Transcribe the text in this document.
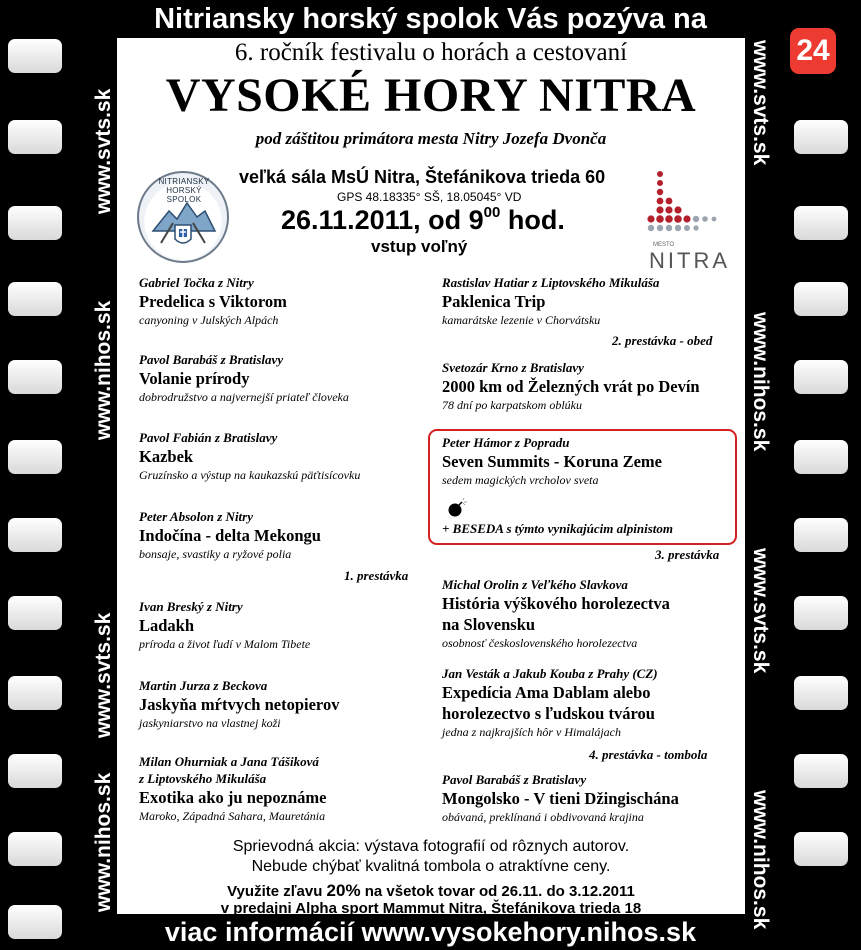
www.svts.sk
www.nihos.sk
www.svts.sk
www.nihos.sk
www.svts.sk
www.nihos.sk
www.svts.sk
www.nihos.sk
Nitriansky horský spolok Vás pozýva na
24
6. ročník festivalu o horách a cestovaní
VYSOKÉ HORY NITRA
pod záštitou primátora mesta Nitry Jozefa Dvonča
NITRIANSKY HORSKÝ SPOLOK
veľká sála MsÚ Nitra, Štefánikova trieda 60
GPS 48.18335° SŠ, 18.05045° VD
26.11.2011, od $9^{00}$ hod.
vstup voľný	MESTO
NITRA
Gabriel Točka z Nitry
Predelica s Viktorom
canyoning v Julských Alpách
Pavol Barabáš z Bratislavy
Volanie prírody
dobrodružstvo a najvernejší priateľ človeka
Pavol Fabián z Bratislavy
Kazbek
Gruzínsko a výstup na kaukazskú päťtisícovku
Peter Absolon z Nitry
Indočína - delta Mekongu
bonsaje, svastiky a ryžové polia
1. prestávka
Ivan Breský z Nitry
Ladakh
príroda a život ľudí v Malom Tibete
Martin Jurza z Beckova
Jaskyňa mŕtvych netopierov
jaskyniarstvo na vlastnej koži
Milan Ohurniak a Jana Tášiková
z Liptovského Mikuláša
Exotika ako ju nepoznáme
Maroko, Západná Sahara, Mauretánia
Rastislav Hatiar z Liptovského Mikuláša
Paklenica Trip
kamarátske lezenie v Chorvátsku
2. prestávka - obed
Svetozár Krno z Bratislavy
2000 km od Železných vrát po Devín
78 dní po karpatskom oblúku
Peter Hámor z Popradu
Seven Summits - Koruna Zeme
sedem magických vrcholov sveta
+ BESEDA s týmto vynikajúcim alpinistom
3. prestávka
Michal Orolin z Veľkého Slavkova
História výškového horolezectva
na Slovensku
osobnosť československého horolezectva
Jan Vesták a Jakub Kouba z Prahy (CZ)
Expedícia Ama Dablam alebo
horolezectvo s ľudskou tvárou
jedna z najkrajších hôr v Himalájach
4. prestávka - tombola
Pavol Barabáš z Bratislavy
Mongolsko - V tieni Džingischána
obávaná, preklínaná i obdivovaná krajina
Sprievodná akcia: výstava fotografií od rôznych autorov.
Nebude chýbať kvalitná tombola o atraktívne ceny.
Využite zľavu 20% na všetok tovar od 26.11. do 3.12.2011
v predajni Alpha sport Mammut Nitra, Štefánikova trieda 18
viac informácií www.vysokehory.nihos.sk
